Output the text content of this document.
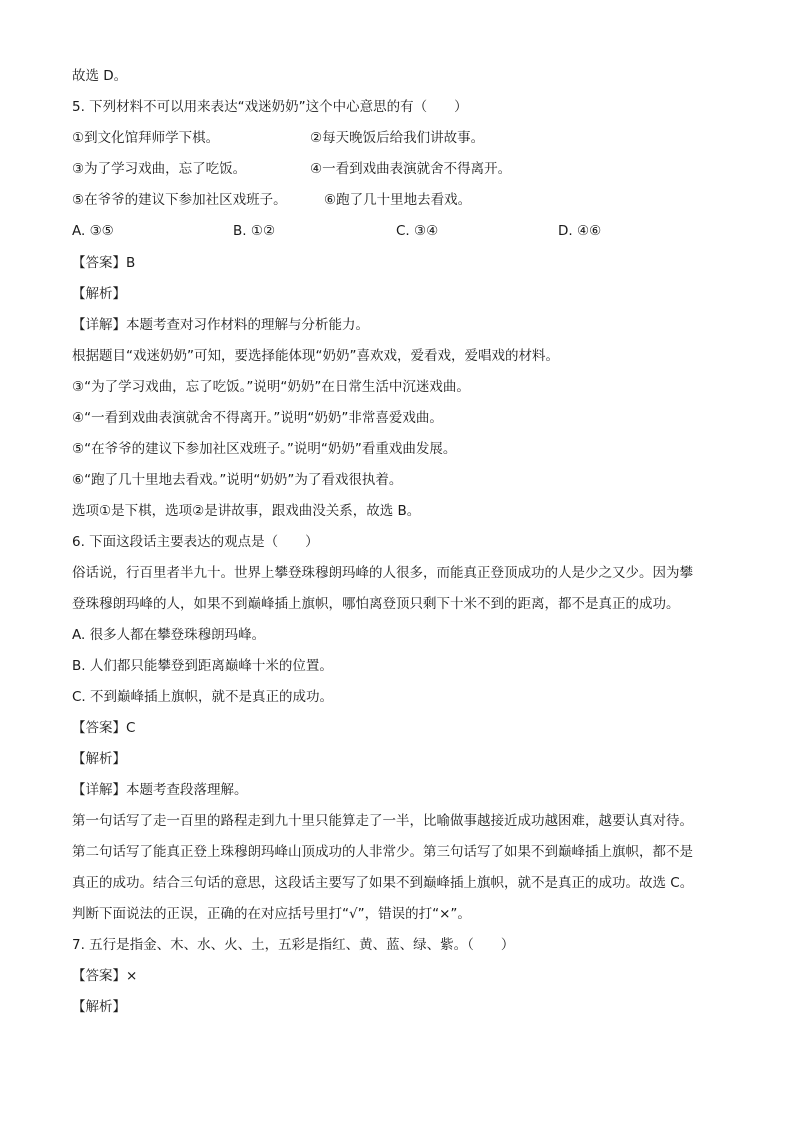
故选 D。
5. 下列材料不可以用来表达“戏迷奶奶”这个中心意思的有（　　）
①到文化馆拜师学下棋。	②每天晚饭后给我们讲故事。
③为了学习戏曲，忘了吃饭。	④一看到戏曲表演就舍不得离开。
⑤在爷爷的建议下参加社区戏班子。	⑥跑了几十里地去看戏。
A. ③⑤	B. ①②	C. ③④	D. ④⑥
【答案】B
【解析】
【详解】本题考查对习作材料的理解与分析能力。
根据题目“戏迷奶奶”可知，要选择能体现“奶奶”喜欢戏，爱看戏，爱唱戏的材料。
③“为了学习戏曲，忘了吃饭。”说明“奶奶”在日常生活中沉迷戏曲。
④“一看到戏曲表演就舍不得离开。”说明“奶奶”非常喜爱戏曲。
⑤“在爷爷的建议下参加社区戏班子。”说明“奶奶”看重戏曲发展。
⑥“跑了几十里地去看戏。”说明“奶奶”为了看戏很执着。
选项①是下棋，选项②是讲故事，跟戏曲没关系，故选 B。
6. 下面这段话主要表达的观点是（　　）
俗话说，行百里者半九十。世界上攀登珠穆朗玛峰的人很多，而能真正登顶成功的人是少之又少。因为攀
登珠穆朗玛峰的人，如果不到巅峰插上旗帜，哪怕离登顶只剩下十米不到的距离，都不是真正的成功。
A. 很多人都在攀登珠穆朗玛峰。
B. 人们都只能攀登到距离巅峰十米的位置。
C. 不到巅峰插上旗帜，就不是真正的成功。
【答案】C
【解析】
【详解】本题考查段落理解。
第一句话写了走一百里的路程走到九十里只能算走了一半，比喻做事越接近成功越困难，越要认真对待。
第二句话写了能真正登上珠穆朗玛峰山顶成功的人非常少。第三句话写了如果不到巅峰插上旗帜，都不是
真正的成功。结合三句话的意思，这段话主要写了如果不到巅峰插上旗帜，就不是真正的成功。故选 C。
判断下面说法的正误，正确的在对应括号里打“√”，错误的打“×”。
7. 五行是指金、木、水、火、土，五彩是指红、黄、蓝、绿、紫。（　　）
【答案】×
【解析】
